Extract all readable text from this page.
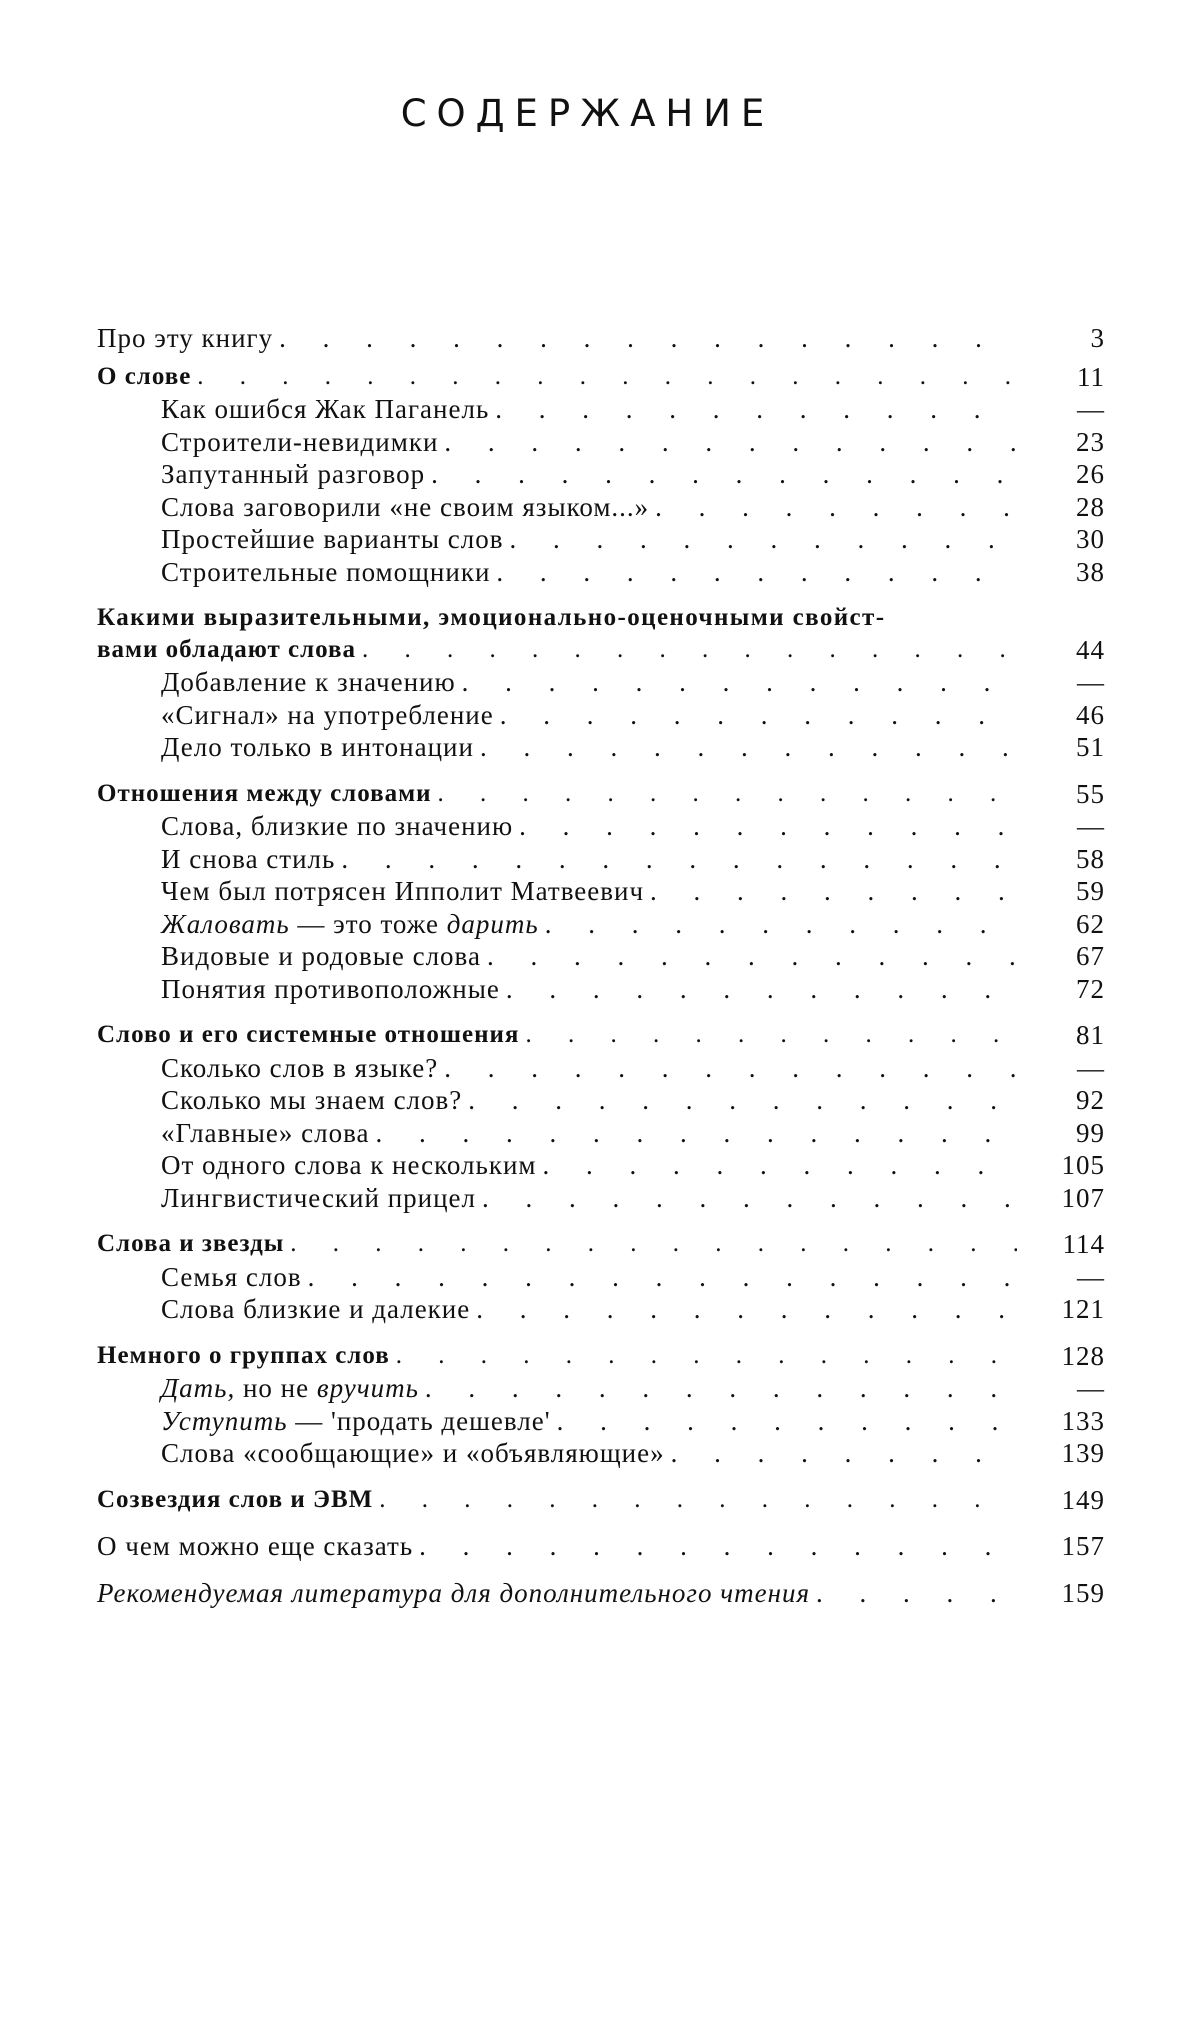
СОДЕРЖАНИЕ
Про эту книгу . . .	3
О слове . . .	11
Как ошибся Жак Паганель . . .	—
Строители-невидимки . . .	23
Запутанный разговор . . .	26
Слова заговорили «не своим языком...» . . .	28
Простейшие варианты слов . . .	30
Строительные помощники . . .	38
Какими выразительными, эмоционально-оценочными свойст-
вами обладают слова . . .	44
Добавление к значению . . .	—
«Сигнал» на употребление . . .	46
Дело только в интонации . . .	51
Отношения между словами . . .	55
Слова, близкие по значению . . .	—
И снова стиль . . .	58
Чем был потрясен Ипполит Матвеевич . . .	59
Жаловать — это тоже дарить . . .	62
Видовые и родовые слова . . .	67
Понятия противоположные . . .	72
Слово и его системные отношения . . .	81
Сколько слов в языке? . . .	—
Сколько мы знаем слов? . . .	92
«Главные» слова . . .	99
От одного слова к нескольким . . .	105
Лингвистический прицел . . .	107
Слова и звезды . . .	114
Семья слов . . .	—
Слова близкие и далекие . . .	121
Немного о группах слов . . .	128
Дать, но не вручить . . .	—
Уступить — 'продать дешевле' . . .	133
Слова «сообщающие» и «объявляющие» . . .	139
Созвездия слов и ЭВМ . . .	149
О чем можно еще сказать . . .	157
Рекомендуемая литература для дополнительного чтения . . .	159
